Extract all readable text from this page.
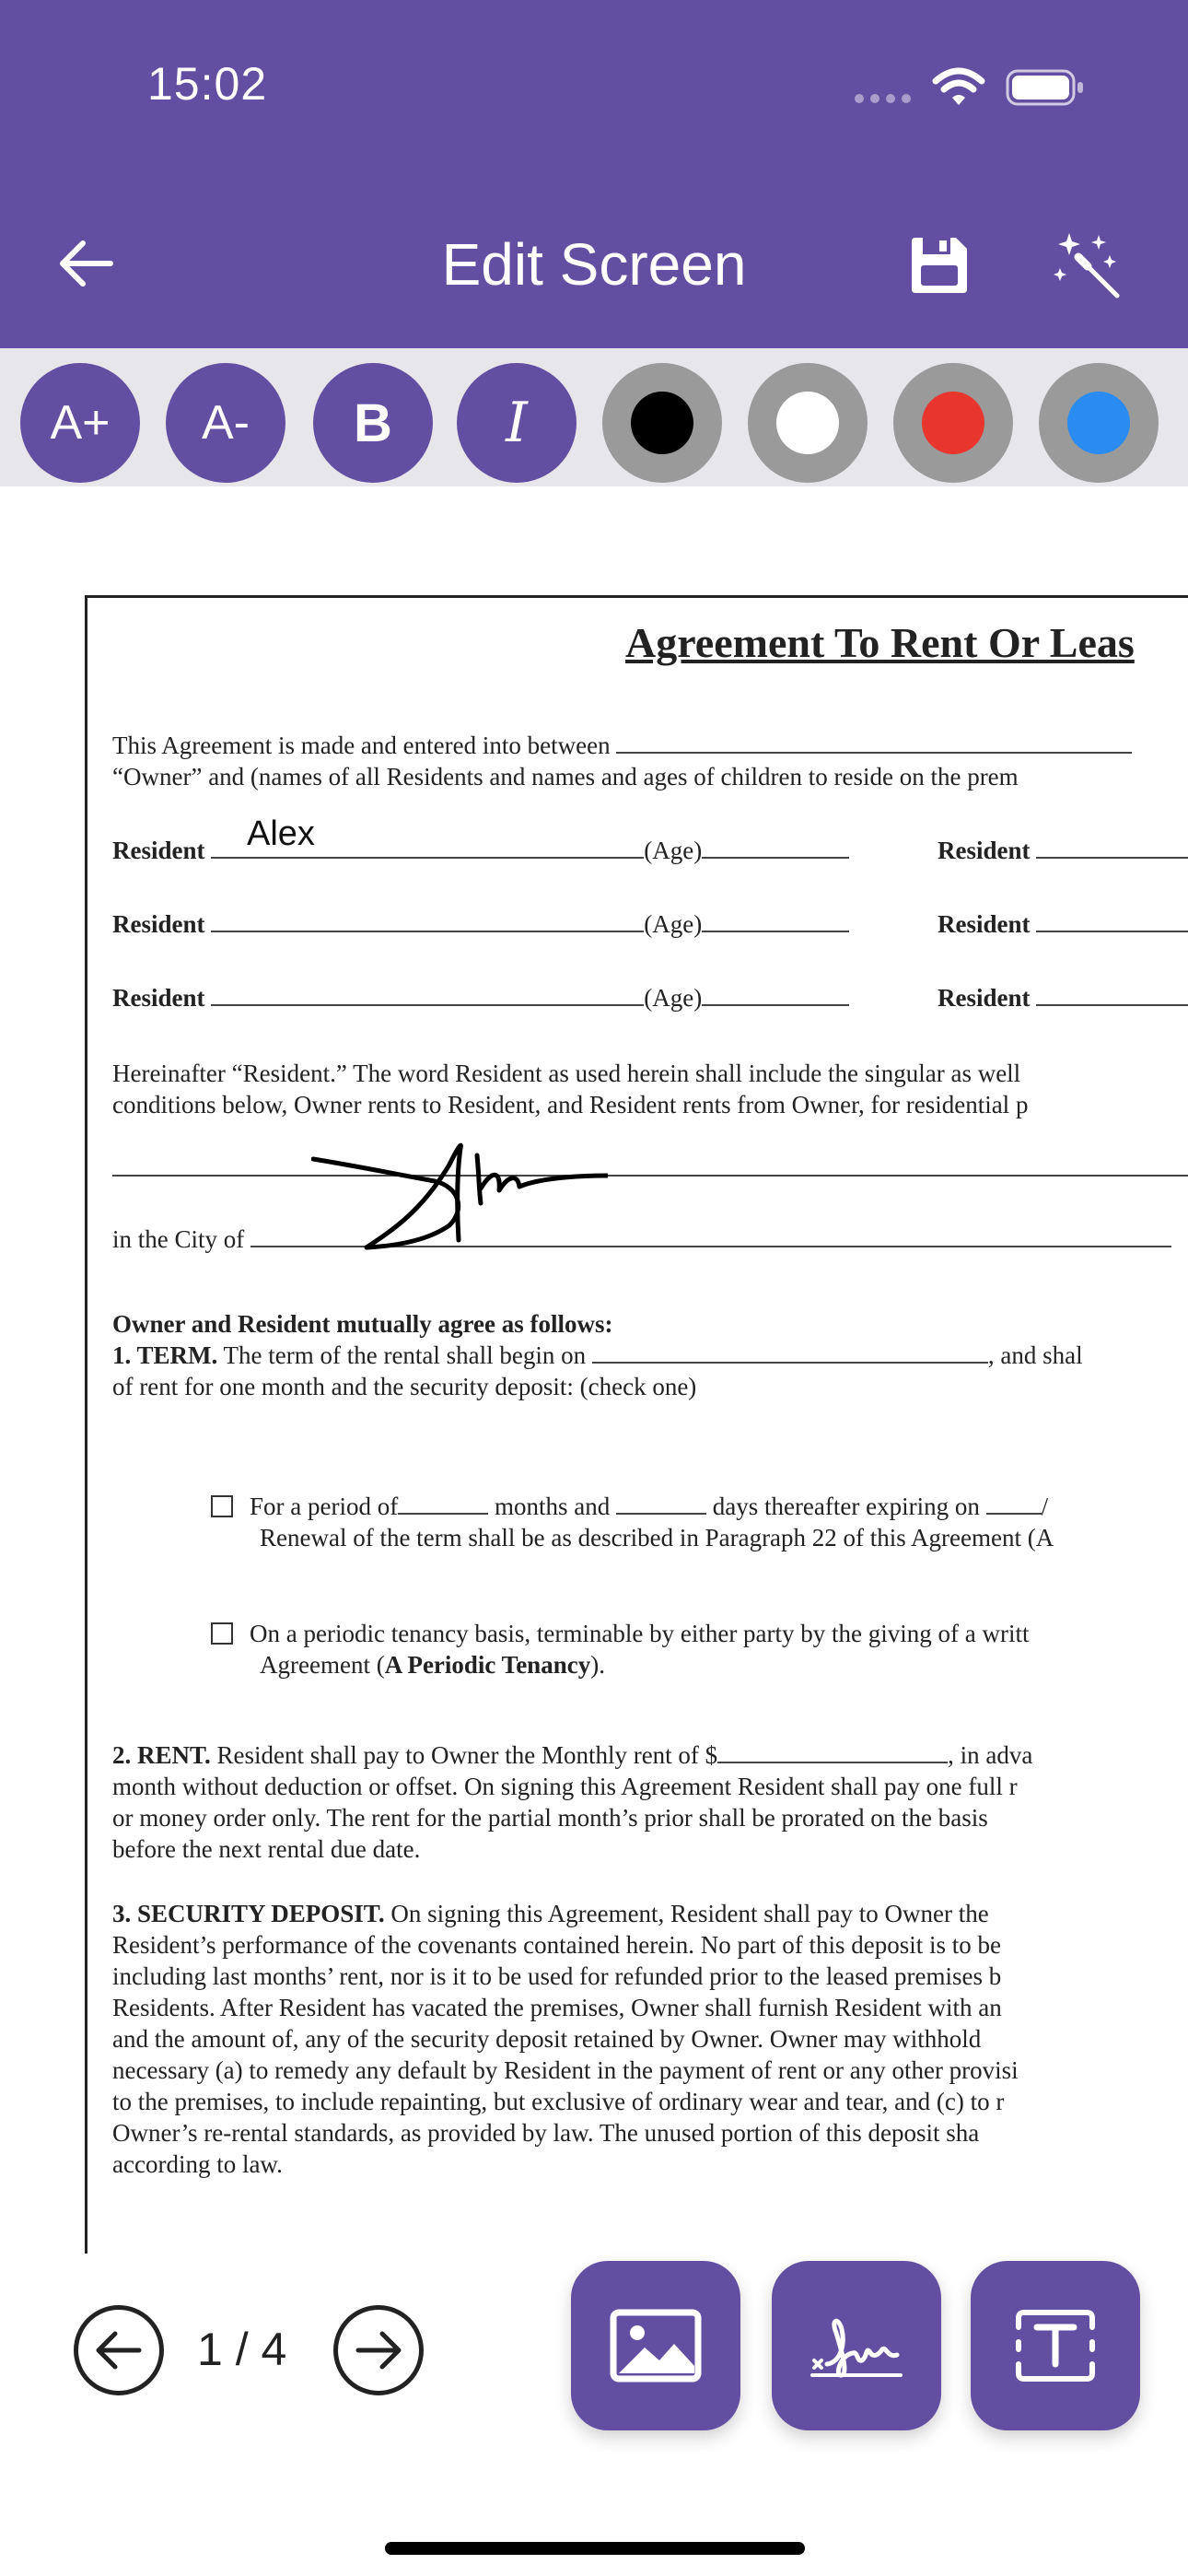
15:02
Edit Screen
A+	A-	B	I
Agreement To Rent Or Leas
This Agreement is made and entered into between
“Owner” and (names of all Residents and names and ages of children to reside on the prem
Resident	(Age)	Resident
Resident	(Age)	Resident
Resident	(Age)	Resident
Hereinafter “Resident.” The word Resident as used herein shall include the singular as well
conditions below, Owner rents to Resident, and Resident rents from Owner, for residential p
in the City of
Owner and Resident mutually agree as follows:
1. TERM. The term of the rental shall begin on	, and shal
of rent for one month and the security deposit: (check one)
For a period of	months and	days thereafter expiring on /
Renewal of the term shall be as described in Paragraph 22 of this Agreement (A
On a periodic tenancy basis, terminable by either party by the giving of a writt
Agreement (A Periodic Tenancy).
2. RENT. Resident shall pay to Owner the Monthly rent of $	, in adva
month without deduction or offset. On signing this Agreement Resident shall pay one full r
or money order only. The rent for the partial month’s prior shall be prorated on the basis
before the next rental due date.
3. SECURITY DEPOSIT. On signing this Agreement, Resident shall pay to Owner the
Resident’s performance of the covenants contained herein. No part of this deposit is to be
including last months’ rent, nor is it to be used for refunded prior to the leased premises b
Residents. After Resident has vacated the premises, Owner shall furnish Resident with an
and the amount of, any of the security deposit retained by Owner. Owner may withhold
necessary (a) to remedy any default by Resident in the payment of rent or any other provisi
to the premises, to include repainting, but exclusive of ordinary wear and tear, and (c) to r
Owner’s re-rental standards, as provided by law. The unused portion of this deposit sha
according to law.
Alex
1 / 4
